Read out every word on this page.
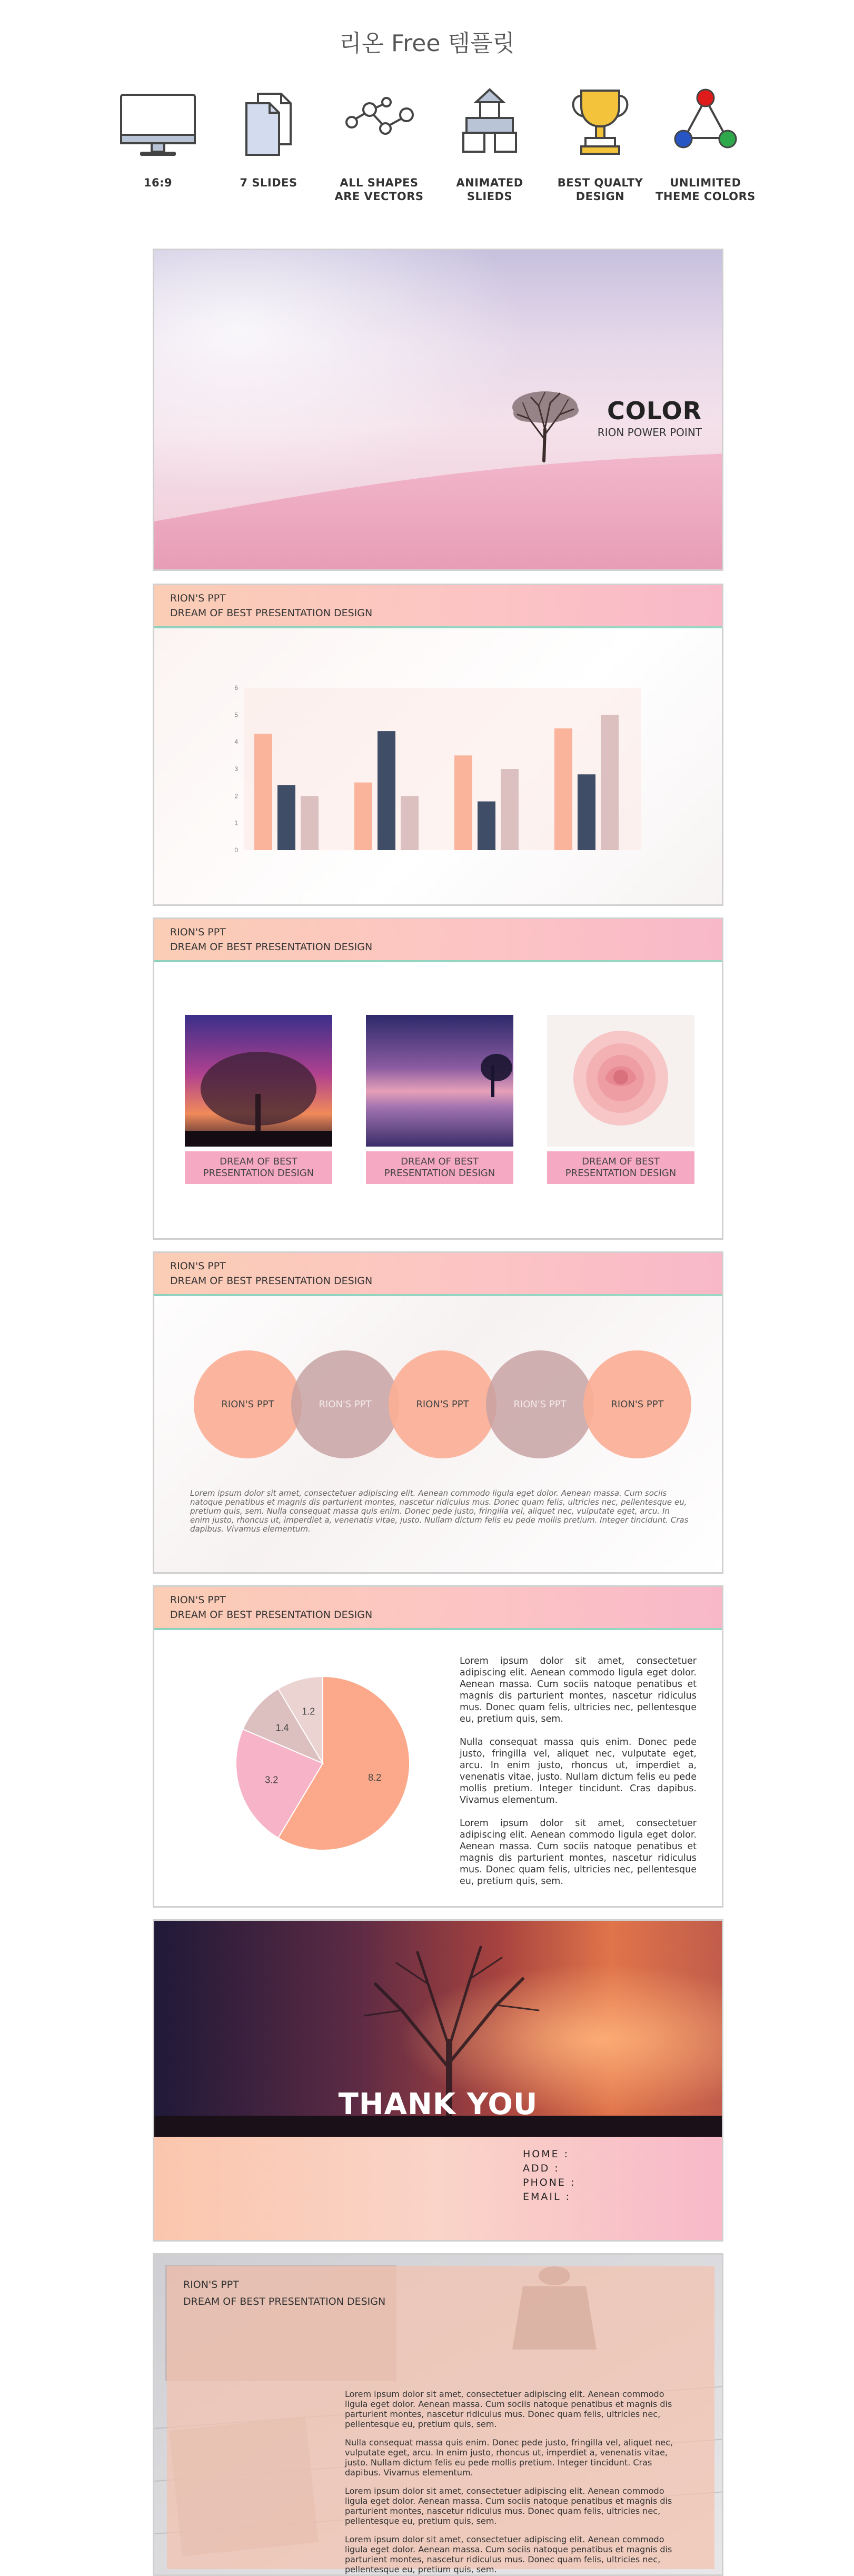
리온 Free 템플릿
16:9	7 SLIDES	ALL SHAPES ARE VECTORS
ANIMATED SLIEDS
BEST QUALTY DESIGN
UNLIMITED THEME COLORS
COLOR
RION POWER POINT
RION'S PPT
DREAM OF BEST PRESENTATION DESIGN
0
1
2
3
4
5
6
RION'S PPT
DREAM OF BEST PRESENTATION DESIGN
DREAM OF BEST PRESENTATION DESIGN
DREAM OF BEST PRESENTATION DESIGN
DREAM OF BEST PRESENTATION DESIGN
RION'S PPT
DREAM OF BEST PRESENTATION DESIGN
RION'S PPT	RION'S PPT	RION'S PPT	RION'S PPT	RION'S PPT
Lorem ipsum dolor sit amet, consectetuer adipiscing elit. Aenean commodo ligula eget dolor. Aenean massa. Cum sociis natoque penatibus et magnis dis parturient montes, nascetur ridiculus mus. Donec quam felis, ultricies nec, pellentesque eu, pretium quis, sem. Nulla consequat massa quis enim. Donec pede justo, fringilla vel, aliquet nec, vulputate eget, arcu. In enim justo, rhoncus ut, imperdiet a, venenatis vitae, justo. Nullam dictum felis eu pede mollis pretium. Integer tincidunt. Cras dapibus. Vivamus elementum.
RION'S PPT
DREAM OF BEST PRESENTATION DESIGN
8.2
3.2
1.4
1.2

Lorem ipsum dolor sit amet, consectetuer adipiscing elit. Aenean commodo ligula eget dolor. Aenean massa. Cum sociis natoque penatibus et magnis dis parturient montes, nascetur ridiculus mus. Donec quam felis, ultricies nec, pellentesque eu, pretium quis, sem.

Nulla consequat massa quis enim. Donec pede justo, fringilla vel, aliquet nec, vulputate eget, arcu. In enim justo, rhoncus ut, imperdiet a, venenatis vitae, justo. Nullam dictum felis eu pede mollis pretium. Integer tincidunt. Cras dapibus. Vivamus elementum.

Lorem ipsum dolor sit amet, consectetuer adipiscing elit. Aenean commodo ligula eget dolor. Aenean massa. Cum sociis natoque penatibus et magnis dis parturient montes, nascetur ridiculus mus. Donec quam felis, ultricies nec, pellentesque eu, pretium quis, sem.

THANK YOU
HOME :
ADD :
PHONE :
EMAIL :
RION'S PPT
DREAM OF BEST PRESENTATION DESIGN

Lorem ipsum dolor sit amet, consectetuer adipiscing elit. Aenean commodo ligula eget dolor. Aenean massa. Cum sociis natoque penatibus et magnis dis parturient montes, nascetur ridiculus mus. Donec quam felis, ultricies nec, pellentesque eu, pretium quis, sem.

Nulla consequat massa quis enim. Donec pede justo, fringilla vel, aliquet nec, vulputate eget, arcu. In enim justo, rhoncus ut, imperdiet a, venenatis vitae, justo. Nullam dictum felis eu pede mollis pretium. Integer tincidunt. Cras dapibus. Vivamus elementum.

Lorem ipsum dolor sit amet, consectetuer adipiscing elit. Aenean commodo ligula eget dolor. Aenean massa. Cum sociis natoque penatibus et magnis dis parturient montes, nascetur ridiculus mus. Donec quam felis, ultricies nec, pellentesque eu, pretium quis, sem.

Lorem ipsum dolor sit amet, consectetuer adipiscing elit. Aenean commodo ligula eget dolor. Aenean massa. Cum sociis natoque penatibus et magnis dis parturient montes, nascetur ridiculus mus. Donec quam felis, ultricies nec, pellentesque eu, pretium quis, sem.
